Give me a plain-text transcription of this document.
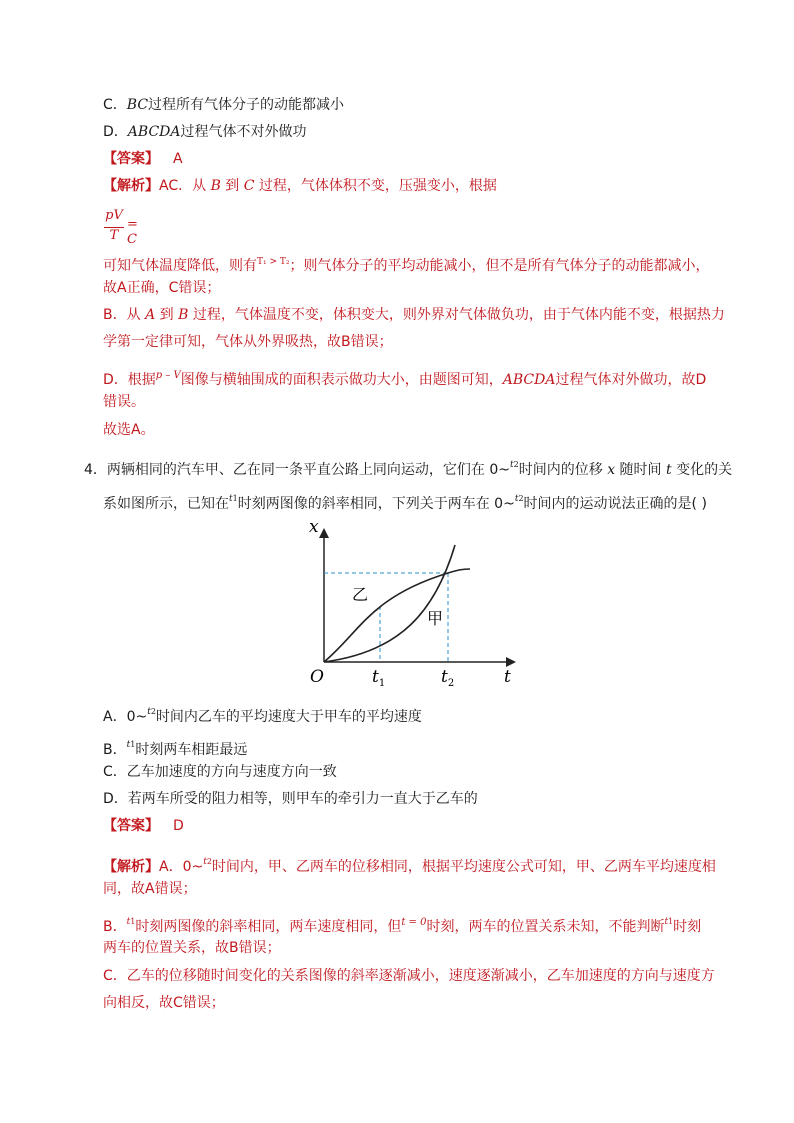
C．BC过程所有气体分子的动能都减小
D．ABCDA过程气体不对外做功
【答案】 A
【解析】AC．从 B 到 C 过程，气体体积不变，压强变小，根据
pV
T
= C
可知气体温度降低，则有$^{T_1 > T_2}$；则气体分子的平均动能减小，但不是所有气体分子的动能都减小，
故A正确，C错误；
B．从 A 到 B 过程，气体温度不变，体积变大，则外界对气体做负功，由于气体内能不变，根据热力
学第一定律可知，气体从外界吸热，故B错误；
D．根据$^{p - V}$图像与横轴围成的面积表示做功大小，由题图可知，ABCDA过程气体对外做功，故D
错误。
故选A。
4．两辆相同的汽车甲、乙在同一条平直公路上同向运动，它们在 0~$^{t2}$时间内的位移 x 随时间 t 变化的关
系如图所示，已知在$^{t1}$时刻两图像的斜率相同，下列关于两车在 0~$^{t2}$时间内的运动说法正确的是( )
x
O	t
$t_1$	$t_2$
乙
甲
A．0~$^{t2}$时间内乙车的平均速度大于甲车的平均速度
B．$^{t1}$时刻两车相距最远
C．乙车加速度的方向与速度方向一致
D．若两车所受的阻力相等，则甲车的牵引力一直大于乙车的
【答案】 D
【解析】A．0~$^{t2}$时间内，甲、乙两车的位移相同，根据平均速度公式可知，甲、乙两车平均速度相
同，故A错误；
B．$^{t1}$时刻两图像的斜率相同，两车速度相同，但$^{t = 0}$时刻，两车的位置关系未知，不能判断$^{t1}$时刻
两车的位置关系，故B错误；
C．乙车的位移随时间变化的关系图像的斜率逐渐减小，速度逐渐减小，乙车加速度的方向与速度方
向相反，故C错误；
